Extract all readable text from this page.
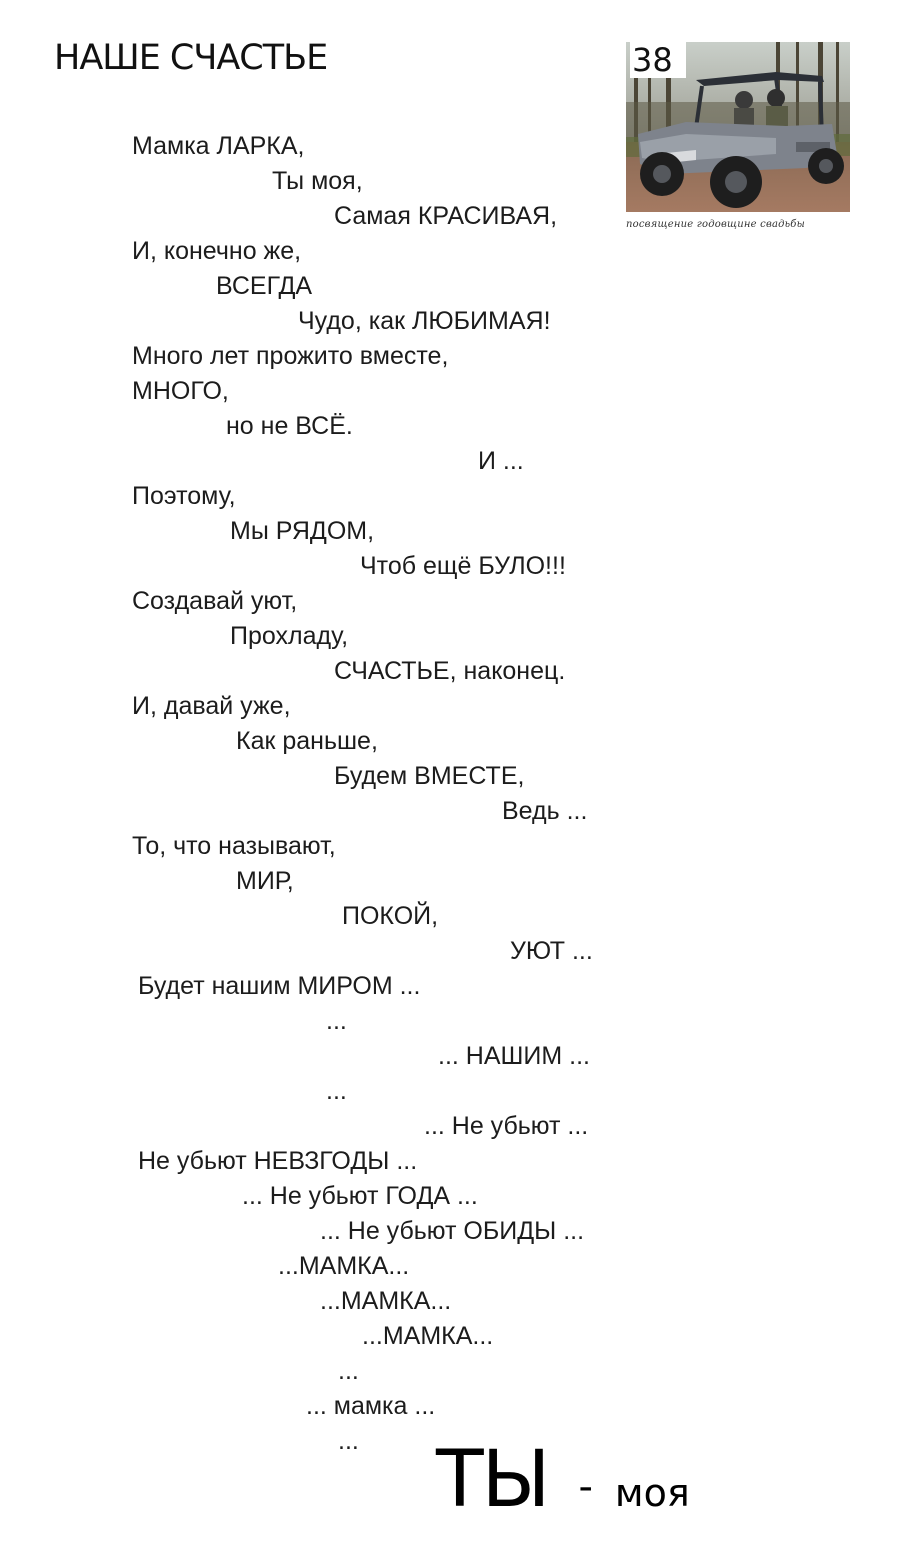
НАШЕ СЧАСТЬЕ	38
посвящение годовщине свадьбы
Мамка ЛАРКА,
Ты моя,
Самая КРАСИВАЯ,
И, конечно же,
ВСЕГДА
Чудо, как ЛЮБИМАЯ!
Много лет прожито вместе,
МНОГО,
но не ВСЁ.
И ...
Поэтому,
Мы РЯДОМ,
Чтоб ещё БУЛО!!!
Создавай уют,
Прохладу,
СЧАСТЬЕ, наконец.
И, давай уже,
Как раньше,
Будем ВМЕСТЕ,
Ведь ...
То, что называют,
МИР,
ПОКОЙ,
УЮТ ...
Будет нашим МИРОМ ...
...
... НАШИМ ...
...
... Не убьют ...
Не убьют НЕВЗГОДЫ ...
... Не убьют ГОДА ...
... Не убьют ОБИДЫ ...
...МАМКА...
...МАМКА...
...МАМКА...
...
... мамка ...
... ТЫ - моя
